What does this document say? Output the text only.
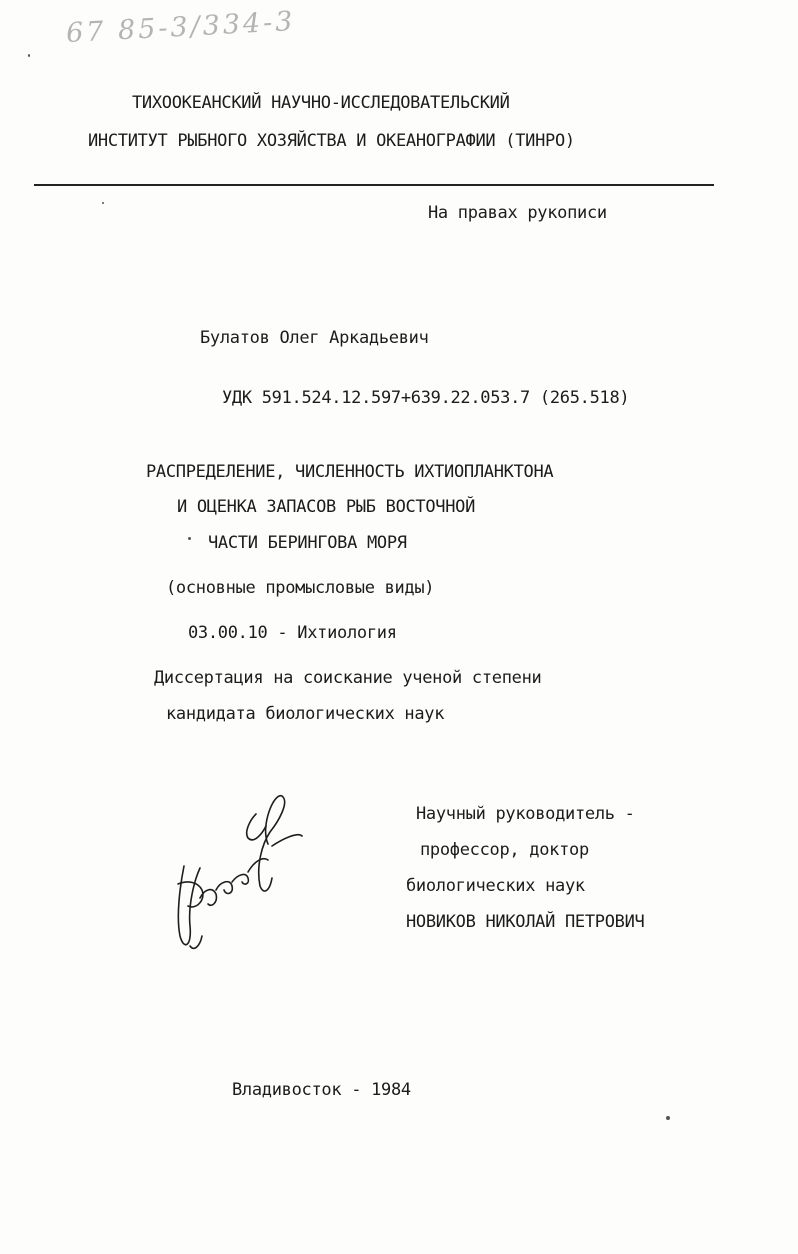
67 85-3/334-3
ТИХООКЕАНСКИЙ НАУЧНО-ИССЛЕДОВАТЕЛЬСКИЙ
ИНСТИТУТ РЫБНОГО ХОЗЯЙСТВА И ОКЕАНОГРАФИИ (ТИНРО)
На правах рукописи
Булатов Олег Аркадьевич
УДК 591.524.12.597+639.22.053.7 (265.518)
РАСПРЕДЕЛЕНИЕ, ЧИСЛЕННОСТЬ ИХТИОПЛАНКТОНА
И ОЦЕНКА ЗАПАСОВ РЫБ ВОСТОЧНОЙ
ЧАСТИ БЕРИНГОВА МОРЯ
(основные промысловые виды)
03.00.10 - Ихтиология
Диссертация на соискание ученой степени
кандидата биологических наук
Научный руководитель -
профессор, доктор
биологических наук
НОВИКОВ НИКОЛАЙ ПЕТРОВИЧ
Владивосток - 1984
